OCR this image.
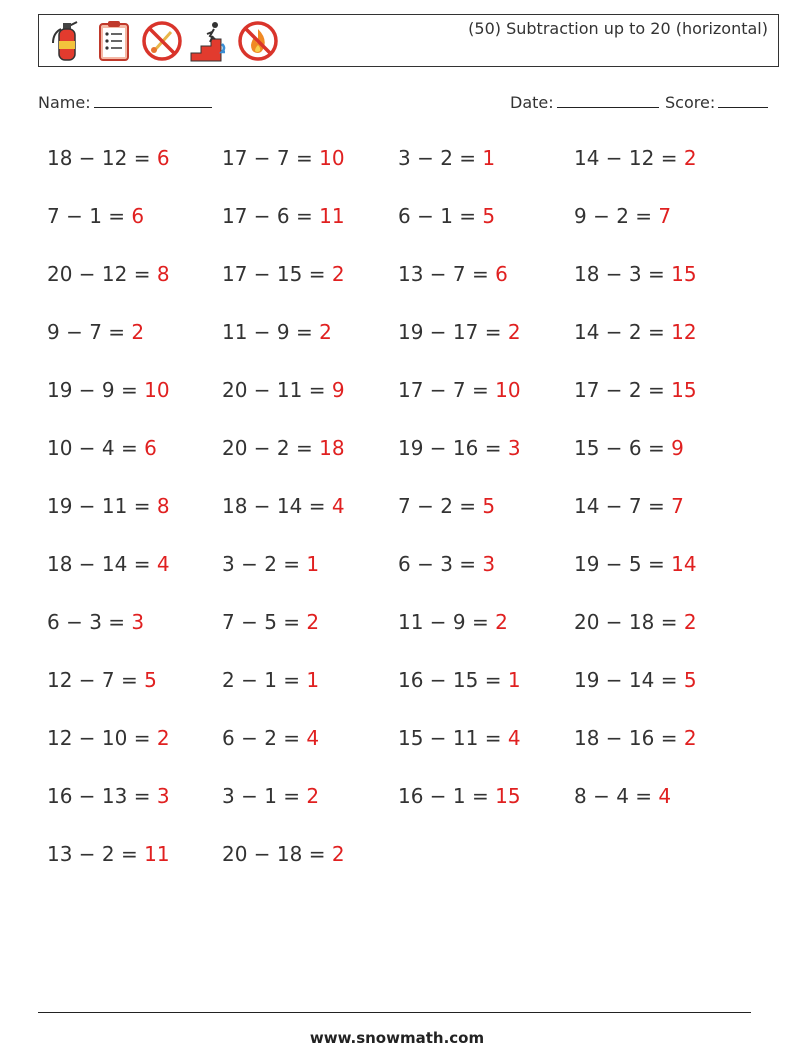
(50) Subtraction up to 20 (horizontal)
Name:	Date:	Score:
18 − 12 = 6	17 − 7 = 10	3 − 2 = 1	14 − 12 = 2
7 − 1 = 6	17 − 6 = 11	6 − 1 = 5	9 − 2 = 7
20 − 12 = 8	17 − 15 = 2	13 − 7 = 6	18 − 3 = 15
9 − 7 = 2	11 − 9 = 2	19 − 17 = 2	14 − 2 = 12
19 − 9 = 10	20 − 11 = 9	17 − 7 = 10	17 − 2 = 15
10 − 4 = 6	20 − 2 = 18	19 − 16 = 3	15 − 6 = 9
19 − 11 = 8	18 − 14 = 4	7 − 2 = 5	14 − 7 = 7
18 − 14 = 4	3 − 2 = 1	6 − 3 = 3	19 − 5 = 14
6 − 3 = 3	7 − 5 = 2	11 − 9 = 2	20 − 18 = 2
12 − 7 = 5	2 − 1 = 1	16 − 15 = 1	19 − 14 = 5
12 − 10 = 2	6 − 2 = 4	15 − 11 = 4	18 − 16 = 2
16 − 13 = 3	3 − 1 = 2	16 − 1 = 15	8 − 4 = 4
13 − 2 = 11	20 − 18 = 2
www.snowmath.com
